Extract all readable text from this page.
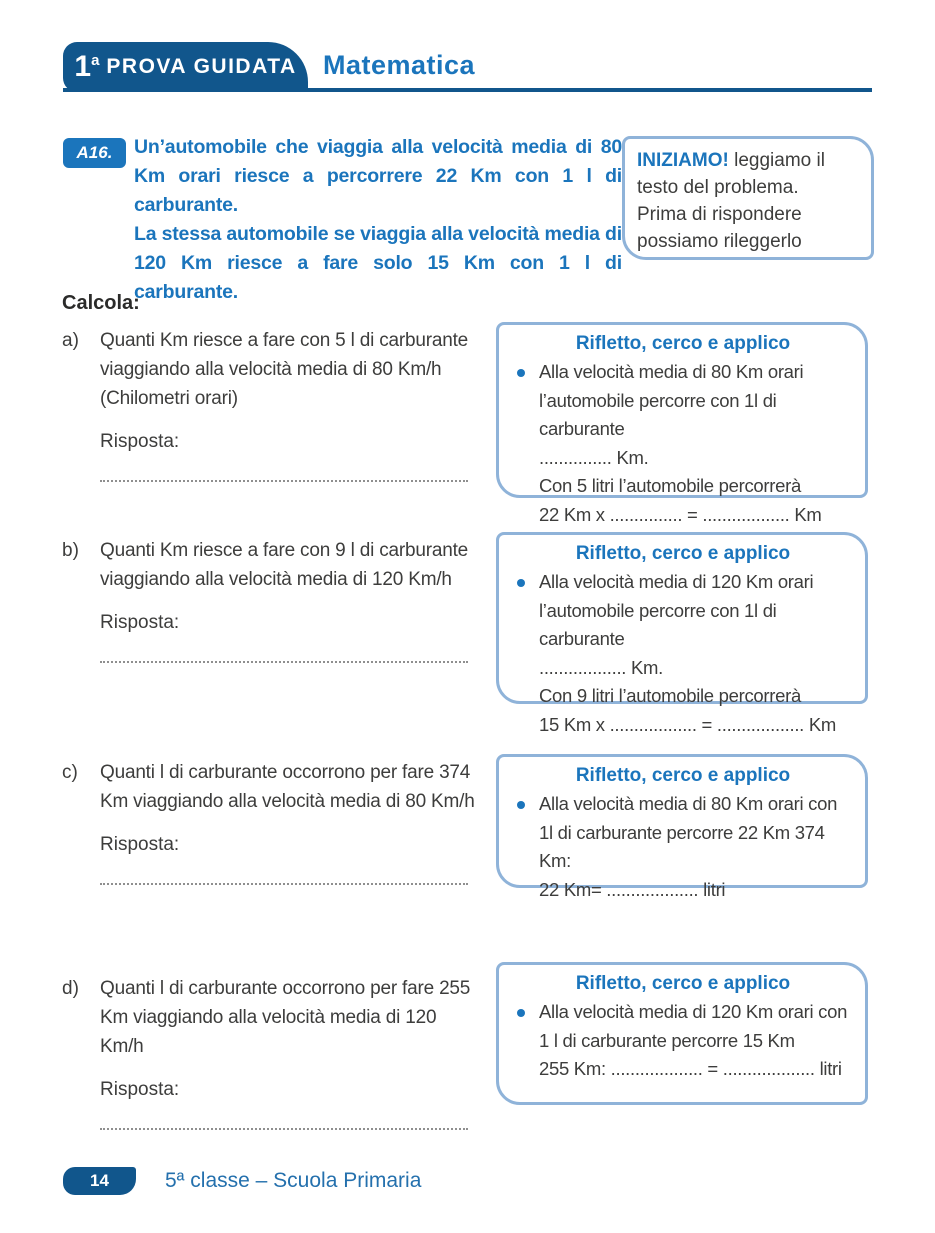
1$^a$ PROVA GUIDATA Matematica
A16.	Un’automobile che viaggia alla velocità media di 80 Km orari riesce a percorrere 22 Km con 1 l di carburante.

La stessa automobile se viaggia alla velocità media di 120 Km riesce a fare solo 15 Km con 1 l di carburante.

INIZIAMO! leggiamo il testo del problema.
Prima di rispondere possiamo rileggerlo
Calcola:
a)	Quanti Km riesce a fare con 5 l di carburante viaggiando alla velocità media di 80 Km/h (Chilometri orari)
Risposta:
Rifletto, cerco e applico
Alla velocità media di 80 Km orari l’automobile percorre con 1l di carburante
............... Km.
Con 5 litri l’automobile percorrerà
22 Km x ............... = .................. Km
b)	Quanti Km riesce a fare con 9 l di carburante viaggiando alla velocità media di 120 Km/h
Risposta:
Rifletto, cerco e applico
Alla velocità media di 120 Km orari l’automobile percorre con 1l di carburante
.................. Km.
Con 9 litri l’automobile percorrerà
15 Km x .................. = .................. Km
c)	Quanti l di carburante occorrono per fare 374 Km viaggiando alla velocità media di 80 Km/h
Risposta:
Rifletto, cerco e applico
Alla velocità media di 80 Km orari con 1l di carburante percorre 22 Km 374 Km:
22 Km= ................... litri
d)	Quanti l di carburante occorrono per fare 255 Km viaggiando alla velocità media di 120 Km/h
Risposta:
Rifletto, cerco e applico
Alla velocità media di 120 Km orari con 1 l di carburante percorre 15 Km
255 Km: ................... = ................... litri
14	5ª classe – Scuola Primaria
